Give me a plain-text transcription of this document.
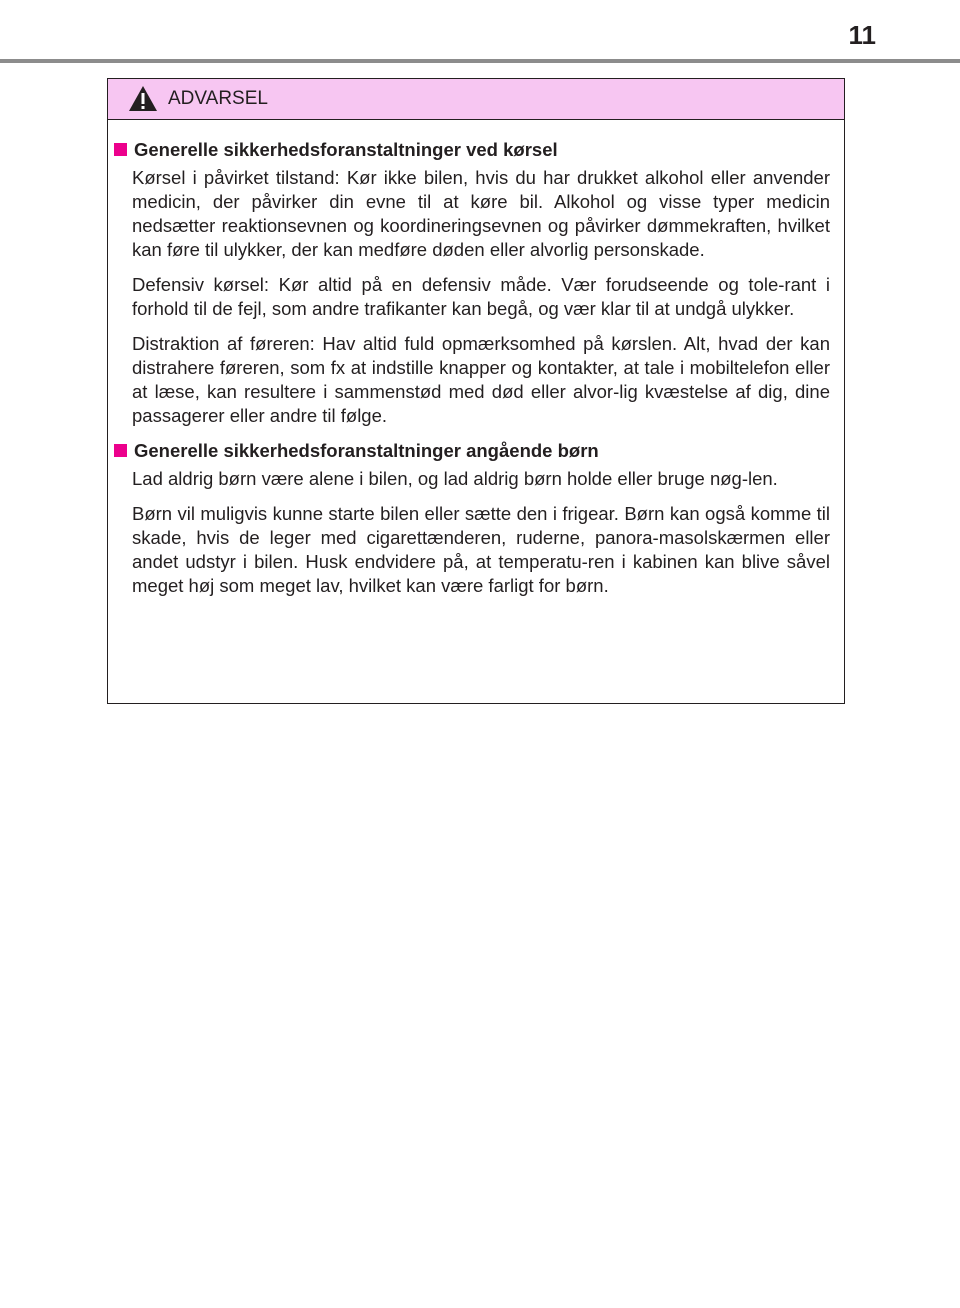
11
ADVARSEL
Generelle sikkerhedsforanstaltninger ved kørsel

Kørsel i påvirket tilstand: Kør ikke bilen, hvis du har drukket alkohol eller anvender medicin, der påvirker din evne til at køre bil. Alkohol og visse typer medicin nedsætter reaktionsevnen og koordineringsevnen og påvirker dømmekraften, hvilket kan føre til ulykker, der kan medføre døden eller alvorlig personskade.

Defensiv kørsel: Kør altid på en defensiv måde. Vær forudseende og tole-rant i forhold til de fejl, som andre trafikanter kan begå, og vær klar til at undgå ulykker.

Distraktion af føreren: Hav altid fuld opmærksomhed på kørslen. Alt, hvad der kan distrahere føreren, som fx at indstille knapper og kontakter, at tale i mobiltelefon eller at læse, kan resultere i sammenstød med død eller alvor-lig kvæstelse af dig, dine passagerer eller andre til følge.

Generelle sikkerhedsforanstaltninger angående børn

Lad aldrig børn være alene i bilen, og lad aldrig børn holde eller bruge nøg-len.

Børn vil muligvis kunne starte bilen eller sætte den i frigear. Børn kan også komme til skade, hvis de leger med cigarettænderen, ruderne, panora-masolskærmen eller andet udstyr i bilen. Husk endvidere på, at temperatu-ren i kabinen kan blive såvel meget høj som meget lav, hvilket kan være farligt for børn.
